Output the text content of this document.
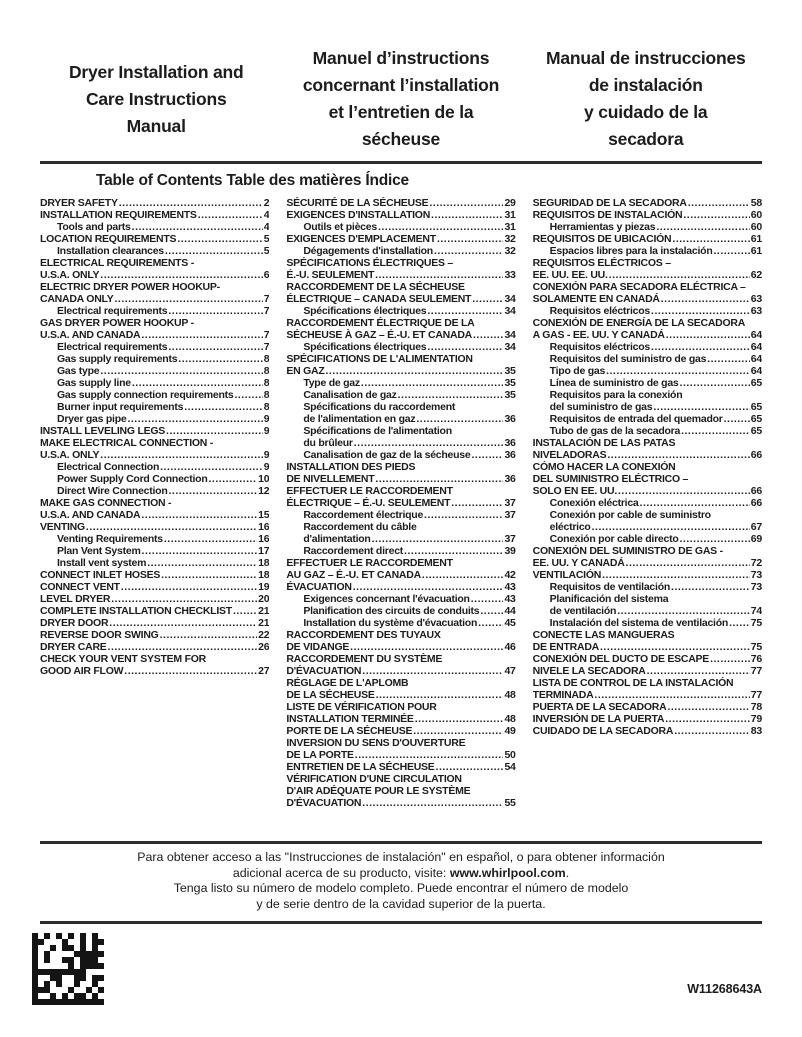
Dryer Installation and
Care Instructions
Manual
Manuel d’instructions
concernant l’installation
et l’entretien de la
sécheuse
Manual de instrucciones
de instalación
y cuidado de la
secadora
Table of Contents Table des matières Índice
DRYER SAFETY .....	2
INSTALLATION REQUIREMENTS .....	4
Tools and parts .....	4
LOCATION REQUIREMENTS .....	5
Installation clearances .....	5
ELECTRICAL REQUIREMENTS -
U.S.A. ONLY .....	6
ELECTRIC DRYER POWER HOOKUP-
CANADA ONLY .....	7
Electrical requirements .....	7
GAS DRYER POWER HOOKUP -
U.S.A. AND CANADA .....	7
Electrical requirements .....	7
Gas supply requirements .....	8
Gas type .....	8
Gas supply line .....	8
Gas supply connection requirements .....	8
Burner input requirements .....	8
Dryer gas pipe .....	9
INSTALL LEVELING LEGS .....	9
MAKE ELECTRICAL CONNECTION -
U.S.A. ONLY .....	9
Electrical Connection .....	9
Power Supply Cord Connection .....	10
Direct Wire Connection .....	12
MAKE GAS CONNECTION -
U.S.A. AND CANADA .....	15
VENTING .....	16
Venting Requirements .....	16
Plan Vent System .....	17
Install vent system .....	18
CONNECT INLET HOSES .....	18
CONNECT VENT .....	19
LEVEL DRYER .....	20
COMPLETE INSTALLATION CHECKLIST ..... 21
DRYER DOOR .....	21
REVERSE DOOR SWING .....	22
DRYER CARE .....	26
CHECK YOUR VENT SYSTEM FOR
GOOD AIR FLOW .....	27
SÉCURITÉ DE LA SÉCHEUSE .....	29
EXIGENCES D'INSTALLATION .....	31
Outils et pièces .....	31
EXIGENCES D'EMPLACEMENT .....	32
Dégagements d'installation .....	32
SPÉCIFICATIONS ÉLECTRIQUES –
É.-U. SEULEMENT .....	33
RACCORDEMENT DE LA SÉCHEUSE
ÉLECTRIQUE – CANADA SEULEMENT .....	34
Spécifications électriques .....	34
RACCORDEMENT ÉLECTRIQUE DE LA
SÉCHEUSE À GAZ – É.-U. ET CANADA .....	34
Spécifications électriques .....	34
SPÉCIFICATIONS DE L'ALIMENTATION
EN GAZ .....	35
Type de gaz .....	35
Canalisation de gaz .....	35
Spécifications du raccordement
de l'alimentation en gaz .....	36
Spécifications de l'alimentation
du brûleur .....	36
Canalisation de gaz de la sécheuse .....	36
INSTALLATION DES PIEDS
DE NIVELLEMENT .....	36
EFFECTUER LE RACCORDEMENT
ÉLECTRIQUE – É.-U. SEULEMENT .....	37
Raccordement électrique .....	37
Raccordement du câble
d'alimentation .....	37
Raccordement direct .....	39
EFFECTUER LE RACCORDEMENT
AU GAZ – É.-U. ET CANADA .....	42
ÉVACUATION .....	43
Exigences concernant l'évacuation .....	43
Planification des circuits de conduits ..... 44
Installation du système d'évacuation .....	45
RACCORDEMENT DES TUYAUX
DE VIDANGE .....	46
RACCORDEMENT DU SYSTÈME
D'ÉVACUATION .....	47
RÉGLAGE DE L'APLOMB
DE LA SÉCHEUSE .....	48
LISTE DE VÉRIFICATION POUR
INSTALLATION TERMINÉE .....	48
PORTE DE LA SÉCHEUSE .....	49
INVERSION DU SENS D'OUVERTURE
DE LA PORTE .....	50
ENTRETIEN DE LA SÉCHEUSE .....	54
VÉRIFICATION D'UNE CIRCULATION
D'AIR ADÉQUATE POUR LE SYSTÈME
D'ÉVACUATION .....	55
SEGURIDAD DE LA SECADORA .....	58
REQUISITOS DE INSTALACIÓN .....	60
Herramientas y piezas .....	60
REQUISITOS DE UBICACIÓN .....	61
Espacios libres para la instalación .....	61
REQUISITOS ELÉCTRICOS –
EE. UU. EE. UU. .....	62
CONEXIÓN PARA SECADORA ELÉCTRICA –
SOLAMENTE EN CANADÁ .....	63
Requisitos eléctricos .....	63
CONEXIÓN DE ENERGÍA DE LA SECADORA
A GAS - EE. UU. Y CANADÁ .....	64
Requisitos eléctricos .....	64
Requisitos del suministro de gas .....	64
Tipo de gas .....	64
Línea de suministro de gas .....	65
Requisitos para la conexión
del suministro de gas .....	65
Requisitos de entrada del quemador .....	65
Tubo de gas de la secadora .....	65
INSTALACIÓN DE LAS PATAS
NIVELADORAS .....	66
CÓMO HACER LA CONEXIÓN
DEL SUMINISTRO ELÉCTRICO –
SOLO EN EE. UU. .....	66
Conexión eléctrica .....	66
Conexión por cable de suministro
eléctrico .....	67
Conexión por cable directo .....	69
CONEXIÓN DEL SUMINISTRO DE GAS -
EE. UU. Y CANADÁ .....	72
VENTILACIÓN .....	73
Requisitos de ventilación .....	73
Planificación del sistema
de ventilación .....	74
Instalación del sistema de ventilación ..... 75
CONECTE LAS MANGUERAS
DE ENTRADA .....	75
CONEXIÓN DEL DUCTO DE ESCAPE .....	76
NIVELE LA SECADORA .....	77
LISTA DE CONTROL DE LA INSTALACIÓN
TERMINADA .....	77
PUERTA DE LA SECADORA .....	78
INVERSIÓN DE LA PUERTA .....	79
CUIDADO DE LA SECADORA .....	83

Para obtener acceso a las "Instrucciones de instalación" en español, o para obtener información

adicional acerca de su producto, visite: www.whirlpool.com.

Tenga listo su número de modelo completo. Puede encontrar el número de modelo

y de serie dentro de la cavidad superior de la puerta.

W11268643A
